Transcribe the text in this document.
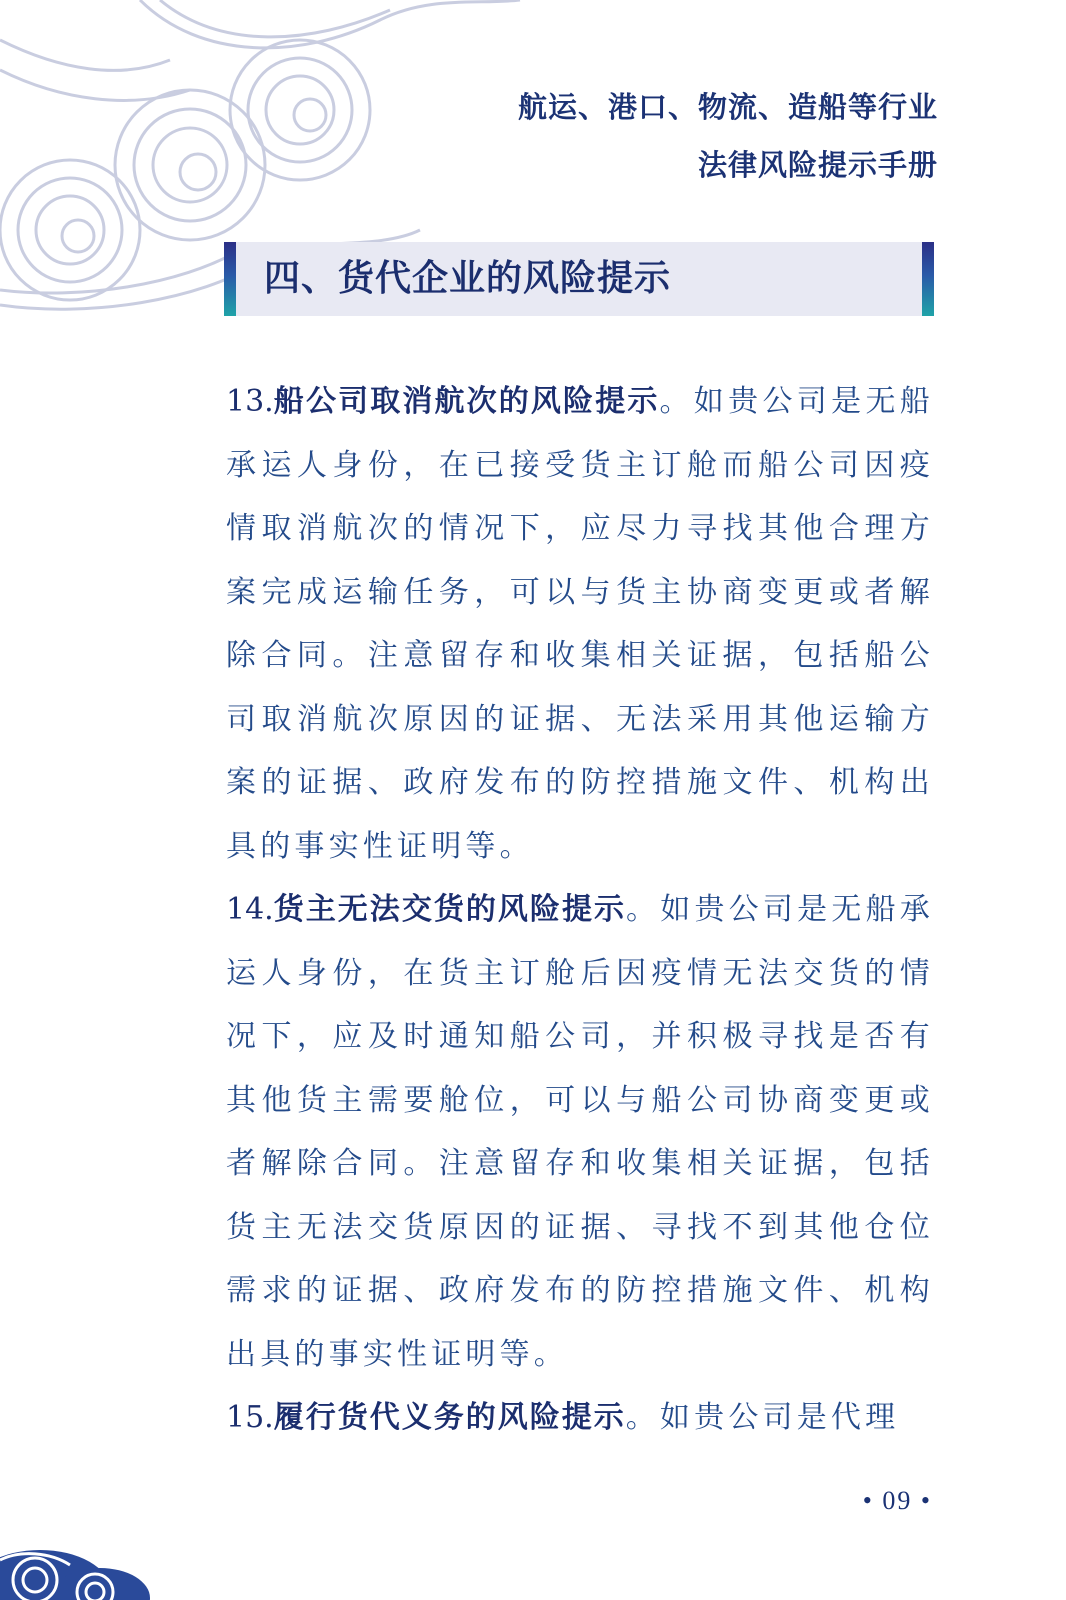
航运、港口、物流、造船等行业
法律风险提示手册
四、货代企业的风险提示

13.船公司取消航次的风险提示。如贵公司是无船承运人身份，在已接受货主订舱而船公司因疫情取消航次的情况下，应尽力寻找其他合理方案完成运输任务，可以与货主协商变更或者解除合同。注意留存和收集相关证据，包括船公司取消航次原因的证据、无法采用其他运输方案的证据、政府发布的防控措施文件、机构出具的事实性证明等。

14.货主无法交货的风险提示。如贵公司是无船承运人身份，在货主订舱后因疫情无法交货的情况下，应及时通知船公司，并积极寻找是否有其他货主需要舱位，可以与船公司协商变更或者解除合同。注意留存和收集相关证据，包括货主无法交货原因的证据、寻找不到其他仓位需求的证据、政府发布的防控措施文件、机构出具的事实性证明等。

15.履行货代义务的风险提示。如贵公司是代理

• 09 •
